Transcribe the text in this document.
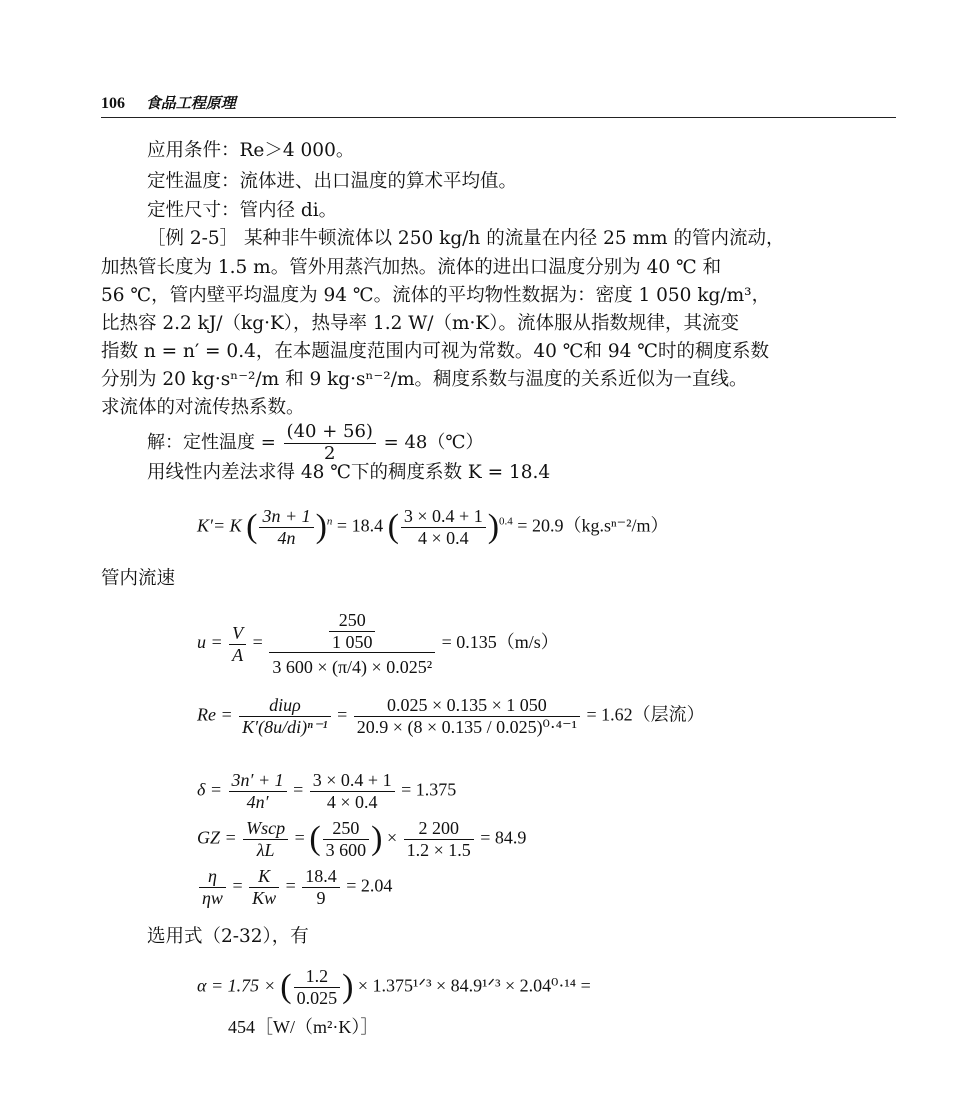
106 食品工程原理
应用条件：Re＞4 000。
定性温度：流体进、出口温度的算术平均值。
定性尺寸：管内径 di。
［例 2-5］ 某种非牛顿流体以 250 kg/h 的流量在内径 25 mm 的管内流动，
加热管长度为 1.5 m。管外用蒸汽加热。流体的进出口温度分别为 40 ℃ 和
56 ℃，管内壁平均温度为 94 ℃。流体的平均物性数据为：密度 1 050 kg/m³，
比热容 2.2 kJ/（kg·K），热导率 1.2 W/（m·K）。流体服从指数规律，其流变
指数 n = n′ = 0.4，在本题温度范围内可视为常数。40 ℃和 94 ℃时的稠度系数
分别为 20 kg·sⁿ⁻²/m 和 9 kg·sⁿ⁻²/m。稠度系数与温度的关系近似为一直线。
求流体的对流传热系数。
解：定性温度 = $\frac{(40 + 56)}{2}$ = 48（℃）
用线性内差法求得 48 ℃下的稠度系数 K = 18.4
K′= K ( $\frac{3n + 1}{4n} )^n = 18.4$ ( $\frac{3 \times 0.4 + 1}{4 \times 0.4} )^{0.4} = 20.9(kg.s^{n-2}/m)$
管内流速
$u = \frac{V}{A} = \frac{\frac{250}{1 050}}{\text{3 600 × (π/4) × 0.025²}} = 0.135(m/s)$
$Re = \frac{\text{diuρ}}{\text{K′(8u/di)ⁿ⁻¹}} = \frac{0.025 \times 0.135 \times 1 050}{\text{20.9 × (8 × 0.135 / 0.025)⁰·⁴⁻¹}} = 1.62$（层流）
$\delta = \frac{3n' + 1}{4n'} = \frac{3 \times 0.4 + 1}{4 \times 0.4} = 1.375$
GZ = $\frac{\text{Wscp}}{\lambda L}$ = ( $\frac{250}{3 600}$ ) × $\frac{2 200}{1.2 \times 1.5} = 84.9$
$\frac{\eta}{\eta w} = \frac{K}{Kw} = \frac{18.4}{9} = 2.04$
选用式（2-32），有
α = 1.75 × ( $\frac{1.2}{0.025}$ ) × 1.375¹ᐟ³ × 84.9¹ᐟ³ × 2.04⁰·¹⁴ =
454［W/（m²·K）］
